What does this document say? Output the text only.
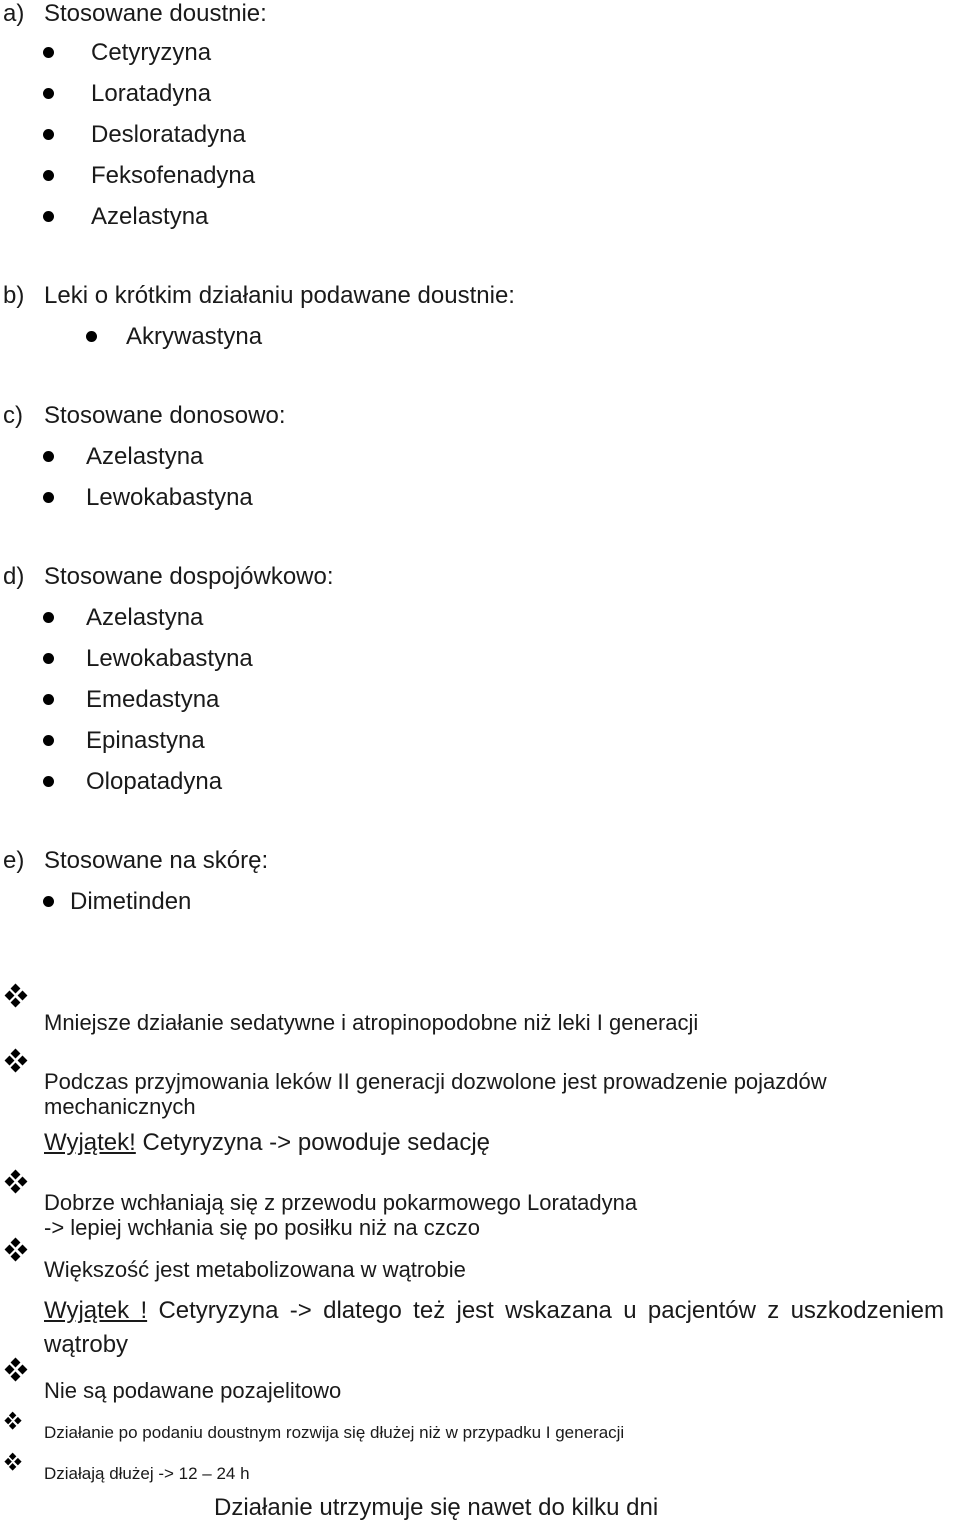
a) Stosowane doustnie:
Cetyryzyna
Loratadyna
Desloratadyna
Feksofenadyna
Azelastyna
b) Leki o krótkim działaniu podawane doustnie:
Akrywastyna
c) Stosowane donosowo:
Azelastyna
Lewokabastyna
d) Stosowane dospojówkowo:
Azelastyna
Lewokabastyna
Emedastyna
Epinastyna
Olopatadyna
e) Stosowane na skórę:
Dimetinden
Mniejsze działanie sedatywne i atropinopodobne niż leki I generacji
Podczas przyjmowania leków II generacji dozwolone jest prowadzenie pojazdów
mechanicznych
Wyjątek! Cetyryzyna -> powoduje sedację
Dobrze wchłaniają się z przewodu pokarmowego Loratadyna
-> lepiej wchłania się po posiłku niż na czczo
Większość jest metabolizowana w wątrobie
Wyjątek ! Cetyryzyna -> dlatego też jest wskazana u pacjentów z uszkodzeniem wątroby
Nie są podawane pozajelitowo
Działanie po podaniu doustnym rozwija się dłużej niż w przypadku I generacji
Działają dłużej -> 12 – 24 h
Działanie utrzymuje się nawet do kilku dni
